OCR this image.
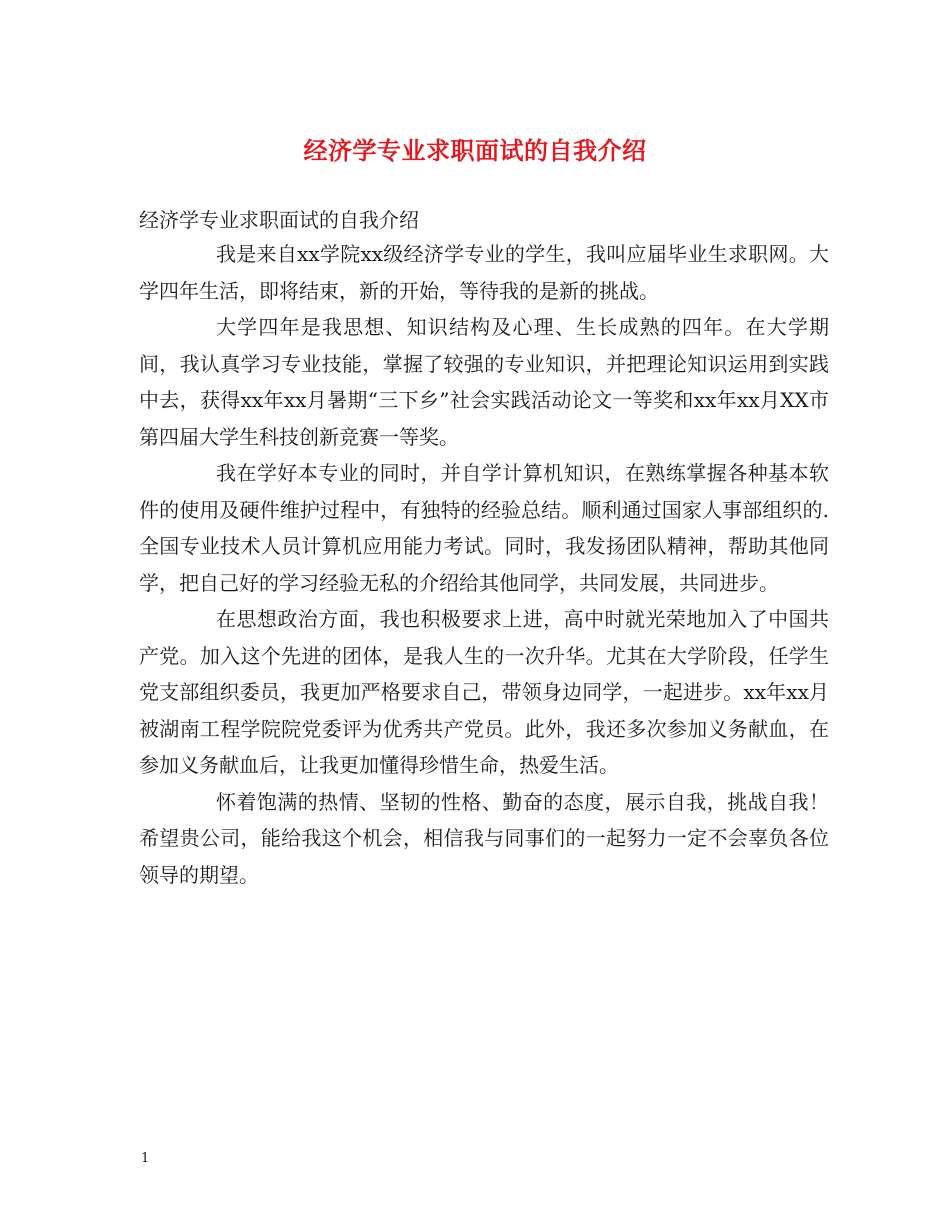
经济学专业求职面试的自我介绍

经济学专业求职面试的自我介绍

我是来自xx学院xx级经济学专业的学生，我叫应届毕业生求职网。大学四年生活，即将结束，新的开始，等待我的是新的挑战。

大学四年是我思想、知识结构及心理、生长成熟的四年。在大学期间，我认真学习专业技能，掌握了较强的专业知识，并把理论知识运用到实践中去，获得xx年xx月暑期“三下乡”社会实践活动论文一等奖和xx年xx月XX市第四届大学生科技创新竞赛一等奖。

我在学好本专业的同时，并自学计算机知识，在熟练掌握各种基本软件的使用及硬件维护过程中，有独特的经验总结。顺利通过国家人事部组织的.全国专业技术人员计算机应用能力考试。同时，我发扬团队精神，帮助其他同学，把自己好的学习经验无私的介绍给其他同学，共同发展，共同进步。

在思想政治方面，我也积极要求上进，高中时就光荣地加入了中国共产党。加入这个先进的团体，是我人生的一次升华。尤其在大学阶段，任学生党支部组织委员，我更加严格要求自己，带领身边同学，一起进步。xx年xx月被湖南工程学院院党委评为优秀共产党员。此外，我还多次参加义务献血，在参加义务献血后，让我更加懂得珍惜生命，热爱生活。

怀着饱满的热情、坚韧的性格、勤奋的态度，展示自我，挑战自我！希望贵公司，能给我这个机会，相信我与同事们的一起努力一定不会辜负各位领导的期望。

1
